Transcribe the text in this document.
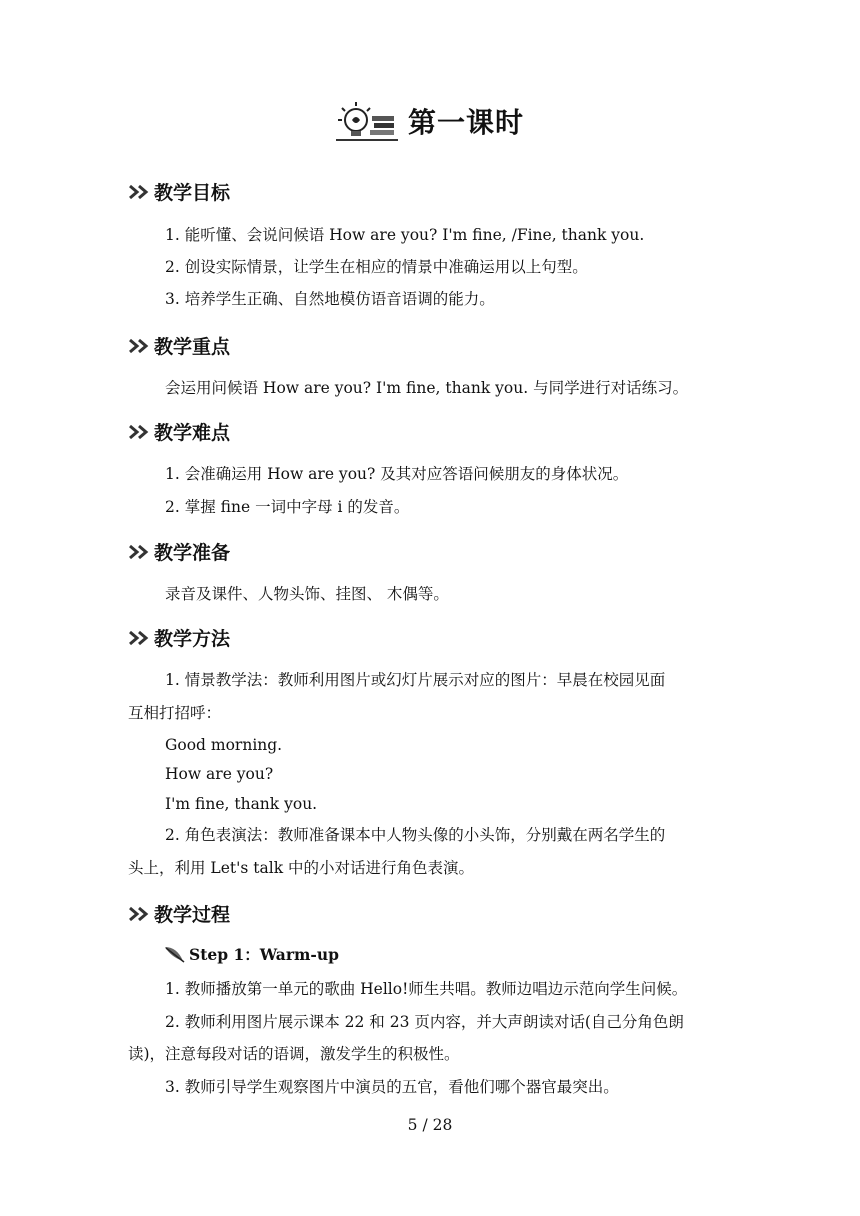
第一课时
教学目标
1. 能听懂、会说问候语 How are you? I'm fine, /Fine, thank you.
2. 创设实际情景，让学生在相应的情景中准确运用以上句型。
3. 培养学生正确、自然地模仿语音语调的能力。
教学重点
会运用问候语 How are you? I'm fine, thank you. 与同学进行对话练习。
教学难点
1. 会准确运用 How are you? 及其对应答语问候朋友的身体状况。
2. 掌握 fine 一词中字母 i 的发音。
教学准备
录音及课件、人物头饰、挂图、 木偶等。
教学方法
1. 情景教学法：教师利用图片或幻灯片展示对应的图片：早晨在校园见面
互相打招呼：
Good morning.
How are you?
I'm fine, thank you.
2. 角色表演法：教师准备课本中人物头像的小头饰，分别戴在两名学生的
头上，利用 Let's talk 中的小对话进行角色表演。
教学过程
Step 1：Warm-up
1. 教师播放第一单元的歌曲 Hello!师生共唱。教师边唱边示范向学生问候。
2. 教师利用图片展示课本 22 和 23 页内容，并大声朗读对话(自己分角色朗
读)，注意每段对话的语调，激发学生的积极性。
3. 教师引导学生观察图片中演员的五官，看他们哪个器官最突出。
5 / 28
